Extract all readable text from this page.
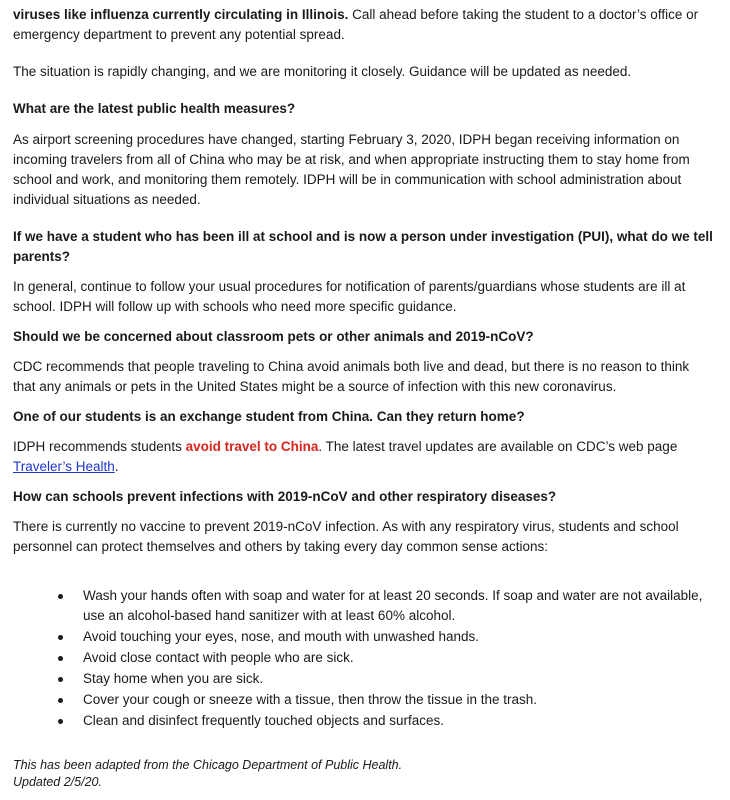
viruses like influenza currently circulating in Illinois. Call ahead before taking the student to a doctor’s office or emergency department to prevent any potential spread.

The situation is rapidly changing, and we are monitoring it closely. Guidance will be updated as needed.

What are the latest public health measures?

As airport screening procedures have changed, starting February 3, 2020, IDPH began receiving information on incoming travelers from all of China who may be at risk, and when appropriate instructing them to stay home from school and work, and monitoring them remotely. IDPH will be in communication with school administration about individual situations as needed.

If we have a student who has been ill at school and is now a person under investigation (PUI), what do we tell parents?

In general, continue to follow your usual procedures for notification of parents/guardians whose students are ill at school. IDPH will follow up with schools who need more specific guidance.

Should we be concerned about classroom pets or other animals and 2019-nCoV?

CDC recommends that people traveling to China avoid animals both live and dead, but there is no reason to think that any animals or pets in the United States might be a source of infection with this new coronavirus.

One of our students is an exchange student from China. Can they return home?

IDPH recommends students avoid travel to China. The latest travel updates are available on CDC’s web page Traveler’s Health.

How can schools prevent infections with 2019-nCoV and other respiratory diseases?

There is currently no vaccine to prevent 2019-nCoV infection. As with any respiratory virus, students and school personnel can protect themselves and others by taking every day common sense actions:

Wash your hands often with soap and water for at least 20 seconds. If soap and water are not available, use an alcohol-based hand sanitizer with at least 60% alcohol.
Avoid touching your eyes, nose, and mouth with unwashed hands.
Avoid close contact with people who are sick.
Stay home when you are sick.
Cover your cough or sneeze with a tissue, then throw the tissue in the trash.
Clean and disinfect frequently touched objects and surfaces.

This has been adapted from the Chicago Department of Public Health.

Updated 2/5/20.
